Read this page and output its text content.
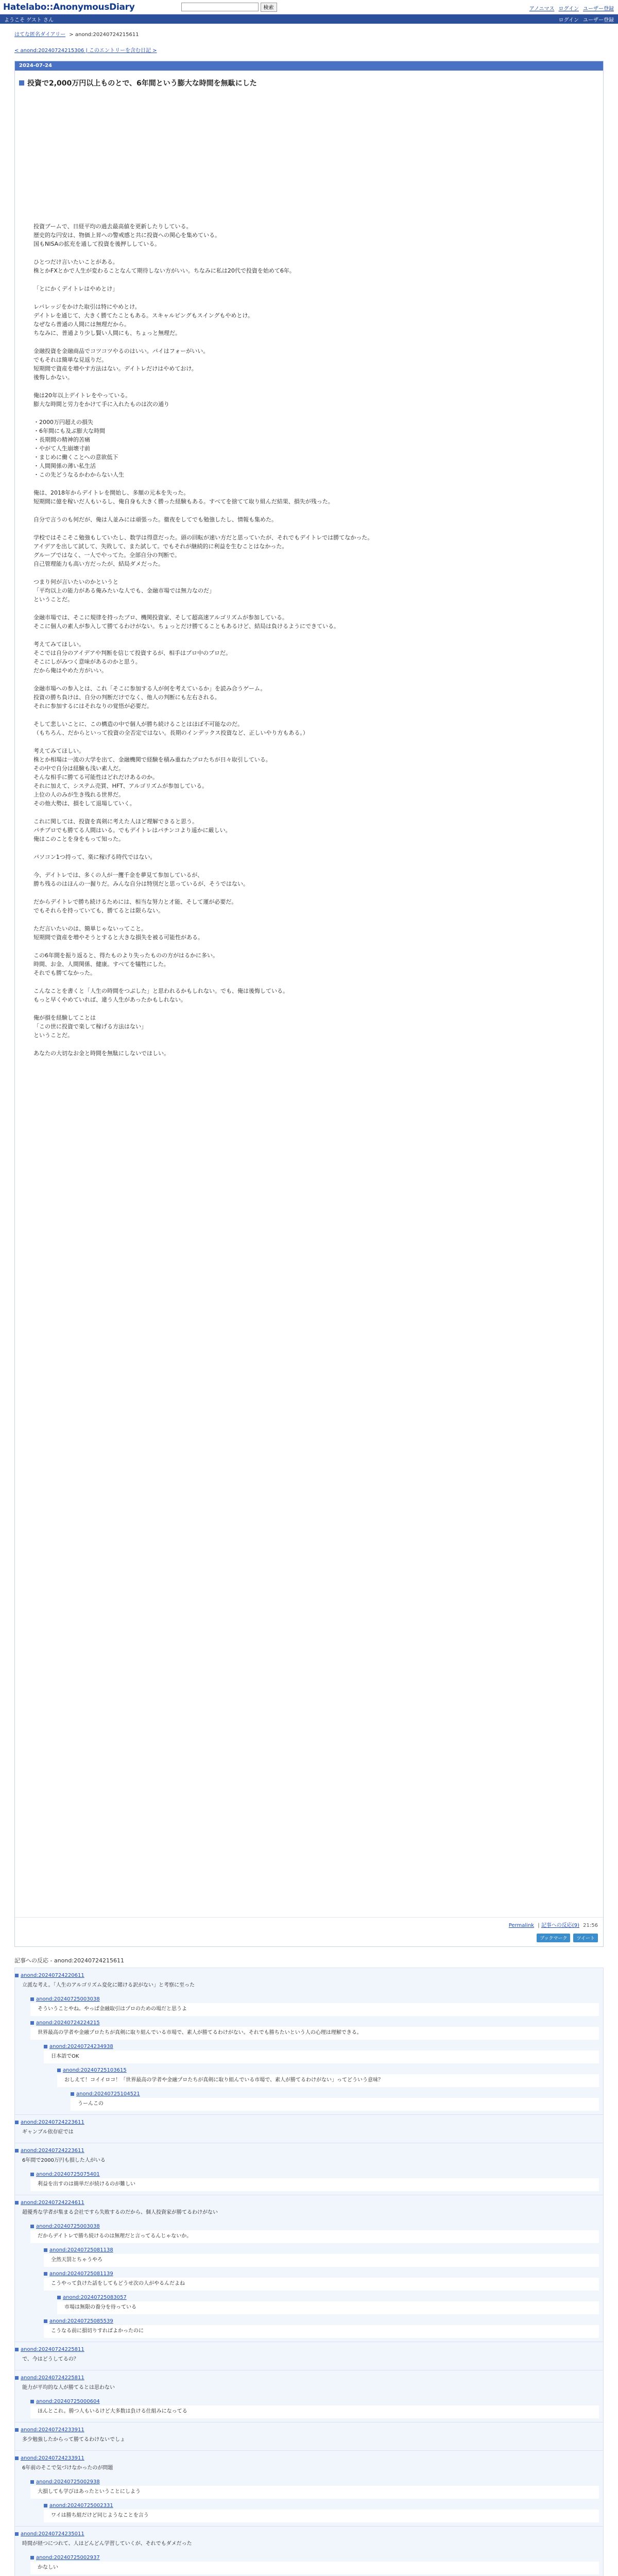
Hatelabo::AnonymousDiary	検索	アノニマス ログイン ユーザー登録
ようこそ ゲスト さん	ログイン ユーザー登録
はてな匿名ダイアリー > anond:20240724215611
< anond:20240724215306 | このエントリーを含む日記 >
2024-07-24
投資で2,000万円以上ものとで、6年間という膨大な時間を無駄にした

投資ブームで、日経平均の過去最高値を更新したりしている。

歴史的な円安は、物価上昇への警戒感と共に投資への関心を集めている。

国もNISAの拡充を通して投資を後押ししている。

ひとつだけ言いたいことがある。

株とかFXとかで人生が変わることなんて期待しない方がいい。ちなみに私は20代で投資を始めて6年。

「とにかくデイトレはやめとけ」

レバレッジをかけた取引は特にやめとけ。

デイトレを通じて、大きく勝てたこともある。スキャルピングもスイングもやめとけ。

なぜなら普通の人間には無理だから。

ちなみに、普通より少し賢い人間にも、ちょっと無理だ。

金融投資を金融商品でコツコツやるのはいい。パイはフォーがいい。

でもそれは簡単な見返りだ。

短期間で資産を増やす方法はない。デイトレだけはやめておけ。

後悔しかない。

俺は20年以上デイトレをやっている。

膨大な時間と労力をかけて手に入れたものは次の通り

・2000万円超えの損失

・6年間にも及ぶ膨大な時間

・長期間の精神的苦痛

・やがて人生崩壊寸前

・まじめに働くことへの意欲低下

・人間関係の薄い私生活

・この先どうなるかわからない人生

俺は、2018年からデイトレを開始し、多額の元本を失った。

短期間に億を稼いだ人もいるし、俺自身も大きく勝った経験もある。すべてを捨てて取り組んだ結果、損失が残った。

自分で言うのも何だが、俺は人並みには頑張った。徹夜をしてでも勉強したし、情報も集めた。

学校ではそこそこ勉強もしていたし、数学は得意だった。頭の回転が速い方だと思っていたが、それでもデイトレでは勝てなかった。

アイデアを出して試して、失敗して、また試して。でもそれが継続的に利益を生むことはなかった。

グループではなく、一人でやってた。全部自分の判断で。

自己管理能力も高い方だったが、結局ダメだった。

つまり何が言いたいのかというと

「平均以上の能力がある俺みたいな人でも、金融市場では無力なのだ」

ということだ。

金融市場では、そこに規律を持ったプロ、機関投資家、そして超高速アルゴリズムが参加している。

そこに個人の素人が参入して勝てるわけがない。ちょっとだけ勝てることもあるけど、結局は負けるようにできている。

考えてみてほしい。

そこでは自分のアイデアや判断を信じて投資するが、相手はプロ中のプロだ。

そこにしがみつく意味があるのかと思う。

だから俺はやめた方がいい。

金融市場への参入とは、これ「そこに参加する人が何を考えているか」を読み合うゲーム。

投資の勝ち負けは、自分の判断だけでなく、他人の判断にも左右される。

それに参加するにはそれなりの覚悟が必要だ。

そして悲しいことに、この構造の中で個人が勝ち続けることはほぼ不可能なのだ。

（もちろん、だからといって投資の全否定ではない。長期のインデックス投資など、正しいやり方もある。）

考えてみてほしい。

株とか相場は一流の大学を出て、金融機関で経験を積み重ねたプロたちが日々取引している。

その中で自分は経験も浅い素人だ。

そんな相手に勝てる可能性はどれだけあるのか。

それに加えて、システム売買、HFT、アルゴリズムが参加している。

上位の人のみが生き残れる世界だ。

その他大勢は、損をして退場していく。

これに関しては、投資を真剣に考えた人ほど理解できると思う。

パチプロでも勝てる人間はいる。でもデイトレはパチンコより遥かに厳しい。

俺はこのことを身をもって知った。

パソコン1つ持って、楽に稼げる時代ではない。

今、デイトレでは、多くの人が一攫千金を夢見て参加しているが、

勝ち残るのはほんの一握りだ。みんな自分は特別だと思っているが、そうではない。

だからデイトレで勝ち続けるためには、相当な努力と才能、そして運が必要だ。

でもそれらを持っていても、勝てるとは限らない。

ただ言いたいのは、簡単じゃないってこと。

短期間で資産を増やそうとすると大きな損失を被る可能性がある。

この6年間を振り返ると、得たものより失ったものの方がはるかに多い。

時間、お金、人間関係、健康。すべてを犠牲にした。

それでも勝てなかった。

こんなことを書くと「人生の時間をつぶした」と思われるかもしれない。でも、俺は後悔している。

もっと早くやめていれば、違う人生があったかもしれない。

俺が損を経験してことは

「この世に投資で楽して稼げる方法はない」

ということだ。

あなたの大切なお金と時間を無駄にしないでほしい。

Permalink | 記事への反応(9) 21:56
ブックマーク	ツイート
記事への反応 - anond:20240724215611
anond:20240724220611
立派な考え。「人生のアルゴリズム変化に賭ける訳がない」と考察に至った
anond:20240725003038
そういうことやね。やっぱ金融取引はプロのための場だと思うよ
anond:20240724224215
世界最高の学者や金融プロたちが真剣に取り組んでいる市場で、素人が勝てるわけがない。それでも勝ちたいという人の心理は理解できる。
anond:20240724234938
日本語でOK
anond:20240725103615
おしえて！コイイロコ！「世界最高の学者や金融プロたちが真剣に取り組んでいる市場で、素人が勝てるわけがない」ってどういう意味？
anond:20240725104521
うーんこの
anond:20240724223611
ギャンブル依存症では
anond:20240724223611
6年間で2000万円も損した人がいる
anond:20240725075401
利益を出すのは簡単だが続けるのが難しい
anond:20240724224611
超優秀な学者が集まる会社ですら失敗するのだから、個人投資家が勝てるわけがない
anond:20240725003038
だからデイトレで勝ち続けるのは無理だと言ってるんじゃないか。
anond:20240725081138
全然天罰とちゃうやろ
anond:20240725081139
こうやって負けた話をしてもどうせ次の人がやるんだよね
anond:20240725083057
市場は無限の養分を待っている
anond:20240725085539
こうなる前に損切りすればよかったのに
anond:20240724225811
で、今はどうしてるの？
anond:20240724225811
能力が平均的な人が勝てるとは思わない
anond:20240725000604
ほんとこれ。勝つ人もいるけど大多数は負ける仕組みになってる
anond:20240724233911
多少勉強したからって勝てるわけないでしょ
anond:20240724233911
6年前のそこで気づけなかったのが問題
anond:20240725002938
大損しても学びはあったということにしよう
anond:20240725002331
ワイは勝ち組だけど同じようなことを言う
anond:20240724235011
時間が経つにつれて、人はどんどん学習していくが、それでもダメだった
anond:20240725002937
かなしい
